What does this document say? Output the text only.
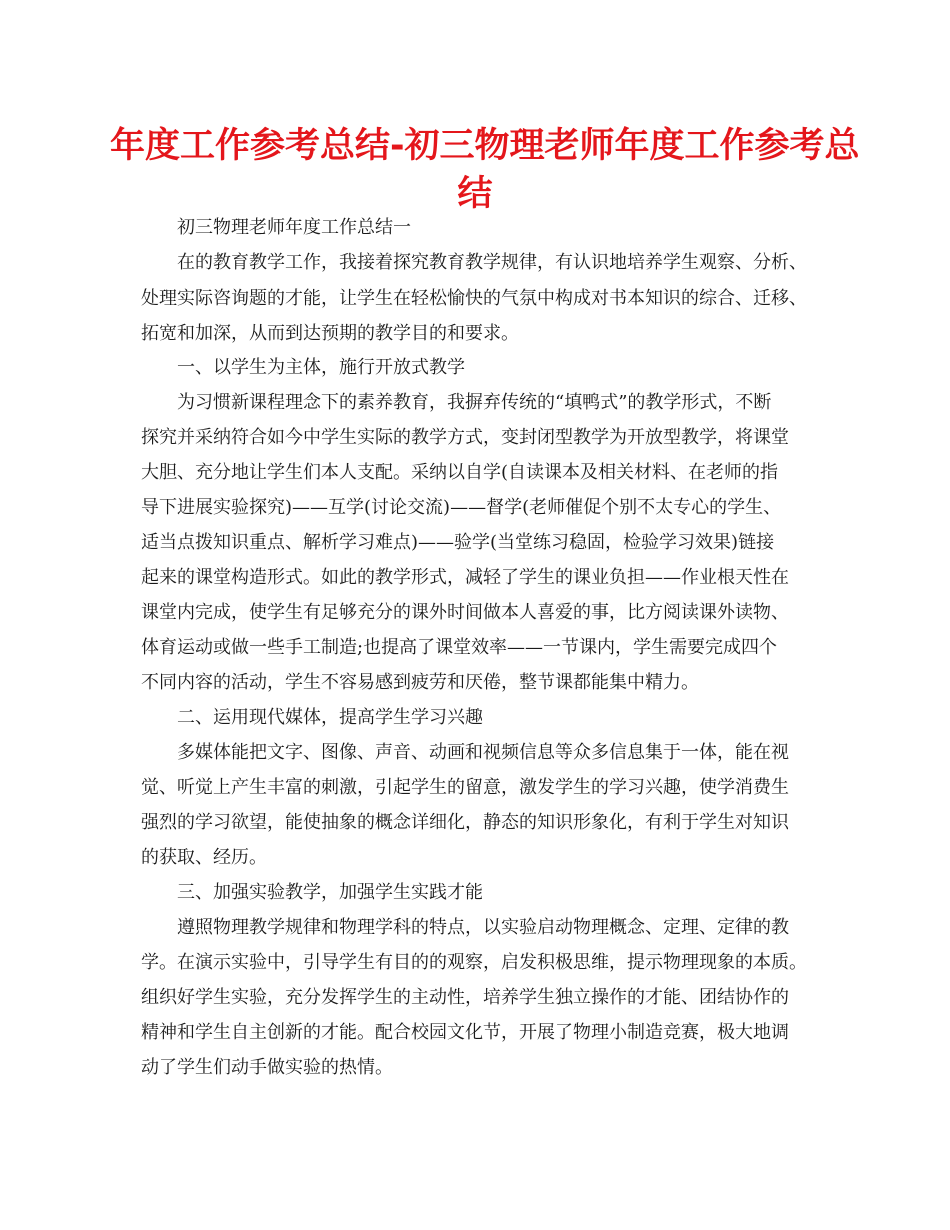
年度工作参考总结-初三物理老师年度工作参考总
结

初三物理老师年度工作总结一

在的教育教学工作，我接着探究教育教学规律，有认识地培养学生观察、分析、

处理实际咨询题的才能，让学生在轻松愉快的气氛中构成对书本知识的综合、迁移、

拓宽和加深，从而到达预期的教学目的和要求。

一、以学生为主体，施行开放式教学

为习惯新课程理念下的素养教育，我摒弃传统的“填鸭式”的教学形式，不断

探究并采纳符合如今中学生实际的教学方式，变封闭型教学为开放型教学，将课堂

大胆、充分地让学生们本人支配。采纳以自学(自读课本及相关材料、在老师的指

导下进展实验探究)——互学(讨论交流)——督学(老师催促个别不太专心的学生、

适当点拨知识重点、解析学习难点)——验学(当堂练习稳固，检验学习效果)链接

起来的课堂构造形式。如此的教学形式，减轻了学生的课业负担——作业根天性在

课堂内完成，使学生有足够充分的课外时间做本人喜爱的事，比方阅读课外读物、

体育运动或做一些手工制造;也提高了课堂效率——一节课内，学生需要完成四个

不同内容的活动，学生不容易感到疲劳和厌倦，整节课都能集中精力。

二、运用现代媒体，提高学生学习兴趣

多媒体能把文字、图像、声音、动画和视频信息等众多信息集于一体，能在视

觉、听觉上产生丰富的刺激，引起学生的留意，激发学生的学习兴趣，使学消费生

强烈的学习欲望，能使抽象的概念详细化，静态的知识形象化，有利于学生对知识

的获取、经历。

三、加强实验教学，加强学生实践才能

遵照物理教学规律和物理学科的特点，以实验启动物理概念、定理、定律的教

学。在演示实验中，引导学生有目的的观察，启发积极思维，提示物理现象的本质。

组织好学生实验，充分发挥学生的主动性，培养学生独立操作的才能、团结协作的

精神和学生自主创新的才能。配合校园文化节，开展了物理小制造竞赛，极大地调

动了学生们动手做实验的热情。
